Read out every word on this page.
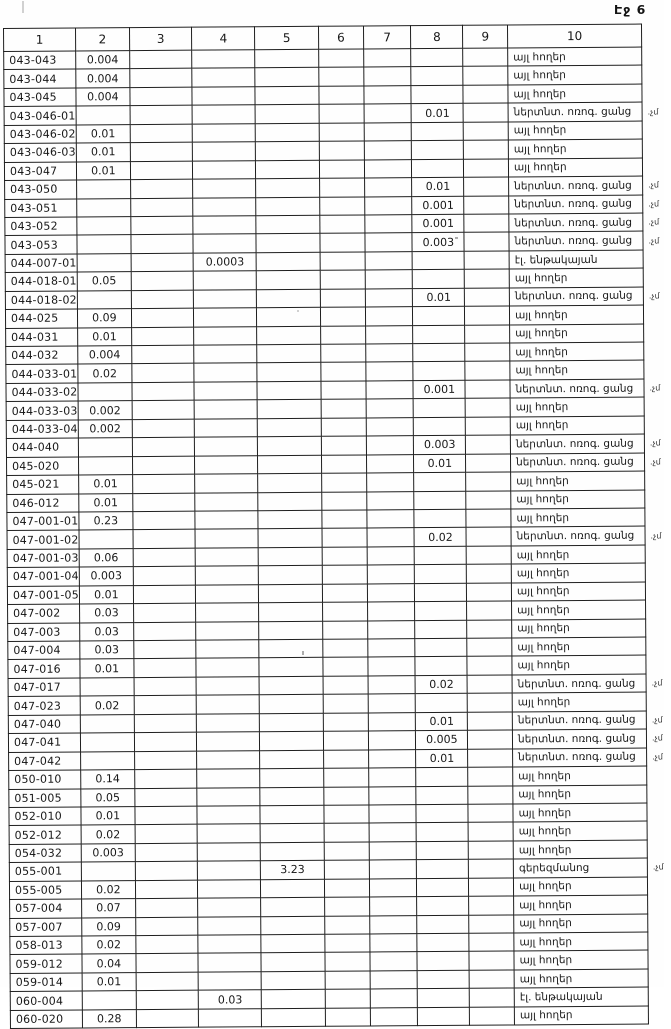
Էջ 6
1	2	3	4	5	6	7	8	9	10	
043-043	0.004								այլ հողեր	
043-044	0.004								այլ հողեր	
043-045	0.004								այլ հողեր	
043-046-01							0.01		ներտնտ. ոռոգ. ցանց	.չմ
043-046-02	0.01								այլ հողեր	
043-046-03	0.01								այլ հողեր	
043-047	0.01								այլ հողեր	
043-050							0.01		ներտնտ. ոռոգ. ցանց	.չմ
043-051							0.001		ներտնտ. ոռոգ. ցանց	.չմ
043-052							0.001		ներտնտ. ոռոգ. ցանց	.չմ
043-053							0.003		ներտնտ. ոռոգ. ցանց	.չմ
044-007-01			0.0003						էլ. ենթակայան	
044-018-01	0.05								այլ հողեր	
044-018-02							0.01		ներտնտ. ոռոգ. ցանց	.չմ
044-025	0.09								այլ հողեր	
044-031	0.01								այլ հողեր	
044-032	0.004								այլ հողեր	
044-033-01	0.02								այլ հողեր	
044-033-02							0.001		ներտնտ. ոռոգ. ցանց	.չմ
044-033-03	0.002								այլ հողեր	
044-033-04	0.002								այլ հողեր	
044-040							0.003		ներտնտ. ոռոգ. ցանց	.չմ
045-020							0.01		ներտնտ. ոռոգ. ցանց	.չմ
045-021	0.01								այլ հողեր	
046-012	0.01								այլ հողեր	
047-001-01	0.23								այլ հողեր	
047-001-02							0.02		ներտնտ. ոռոգ. ցանց	.չմ
047-001-03	0.06								այլ հողեր	
047-001-04	0.003								այլ հողեր	
047-001-05	0.01								այլ հողեր	
047-002	0.03								այլ հողեր	
047-003	0.03								այլ հողեր	
047-004	0.03								այլ հողեր	
047-016	0.01								այլ հողեր	
047-017							0.02		ներտնտ. ոռոգ. ցանց	.չմ
047-023	0.02								այլ հողեր	
047-040							0.01		ներտնտ. ոռոգ. ցանց	.չմ
047-041							0.005		ներտնտ. ոռոգ. ցանց	.չմ
047-042							0.01		ներտնտ. ոռոգ. ցանց	.չմ
050-010	0.14								այլ հողեր	
051-005	0.05								այլ հողեր	
052-010	0.01								այլ հողեր	
052-012	0.02								այլ հողեր	
054-032	0.003								այլ հողեր	
055-001				3.23					գերեզմանոց	.չմ
055-005	0.02								այլ հողեր	
057-004	0.07								այլ հողեր	
057-007	0.09								այլ հողեր	
058-013	0.02								այլ հողեր	
059-012	0.04								այլ հողեր	
059-014	0.01								այլ հողեր	
060-004			0.03						էլ. ենթակայան	
060-020	0.28								այլ հողեր	
